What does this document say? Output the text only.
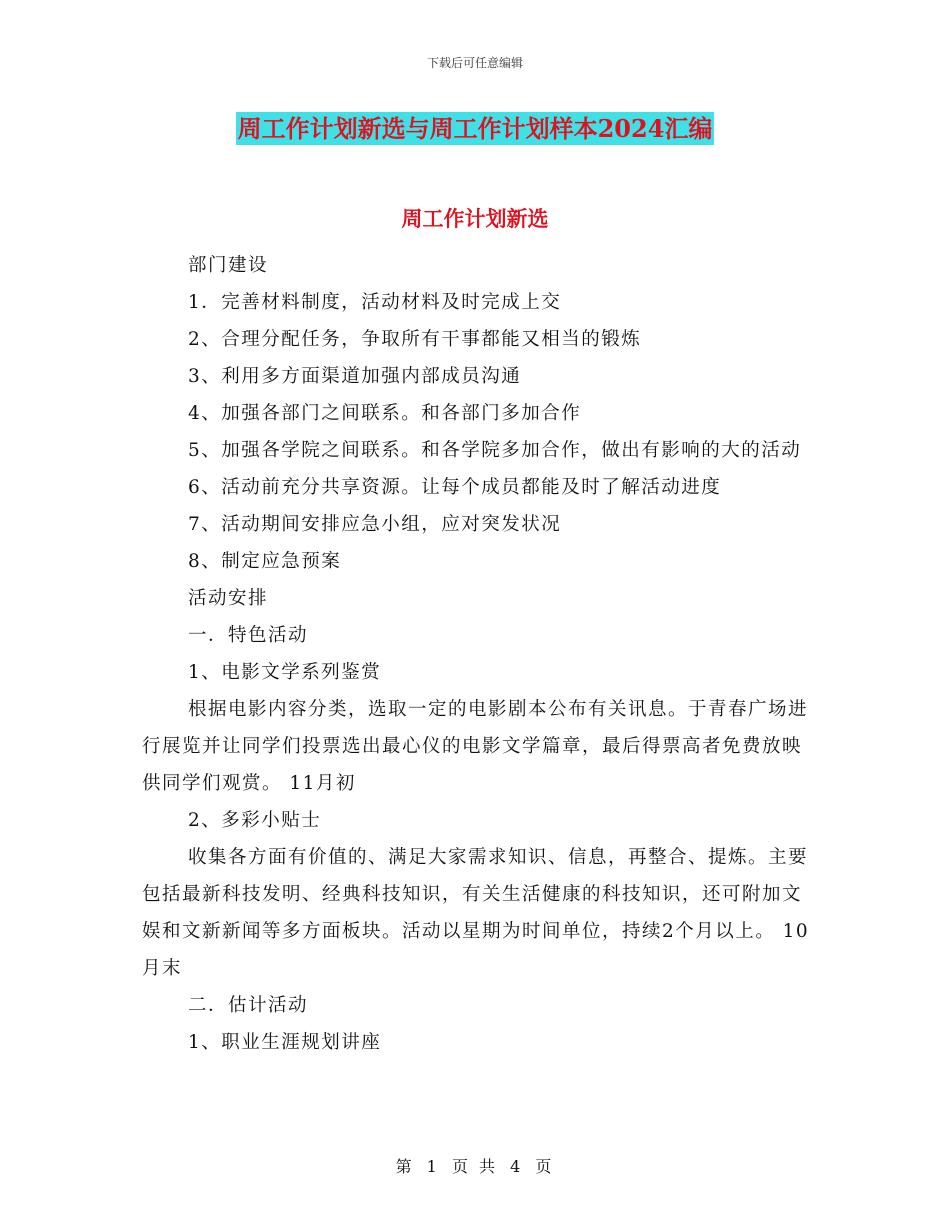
下载后可任意编辑
周工作计划新选与周工作计划样本2024汇编
周工作计划新选

部门建设

1．完善材料制度，活动材料及时完成上交

2、合理分配任务，争取所有干事都能又相当的锻炼

3、利用多方面渠道加强内部成员沟通

4、加强各部门之间联系。和各部门多加合作

5、加强各学院之间联系。和各学院多加合作，做出有影响的大的活动

6、活动前充分共享资源。让每个成员都能及时了解活动进度

7、活动期间安排应急小组，应对突发状况

8、制定应急预案

活动安排

一．特色活动

1、电影文学系列鉴赏

根据电影内容分类，选取一定的电影剧本公布有关讯息。于青春广场进行展览并让同学们投票选出最心仪的电影文学篇章，最后得票高者免费放映供同学们观赏。 11月初

2、多彩小贴士

收集各方面有价值的、满足大家需求知识、信息，再整合、提炼。主要包括最新科技发明、经典科技知识，有关生活健康的科技知识，还可附加文娱和文新新闻等多方面板块。活动以星期为时间单位，持续2个月以上。 10月末

二．估计活动

1、职业生涯规划讲座

第 1 页 共 4 页
